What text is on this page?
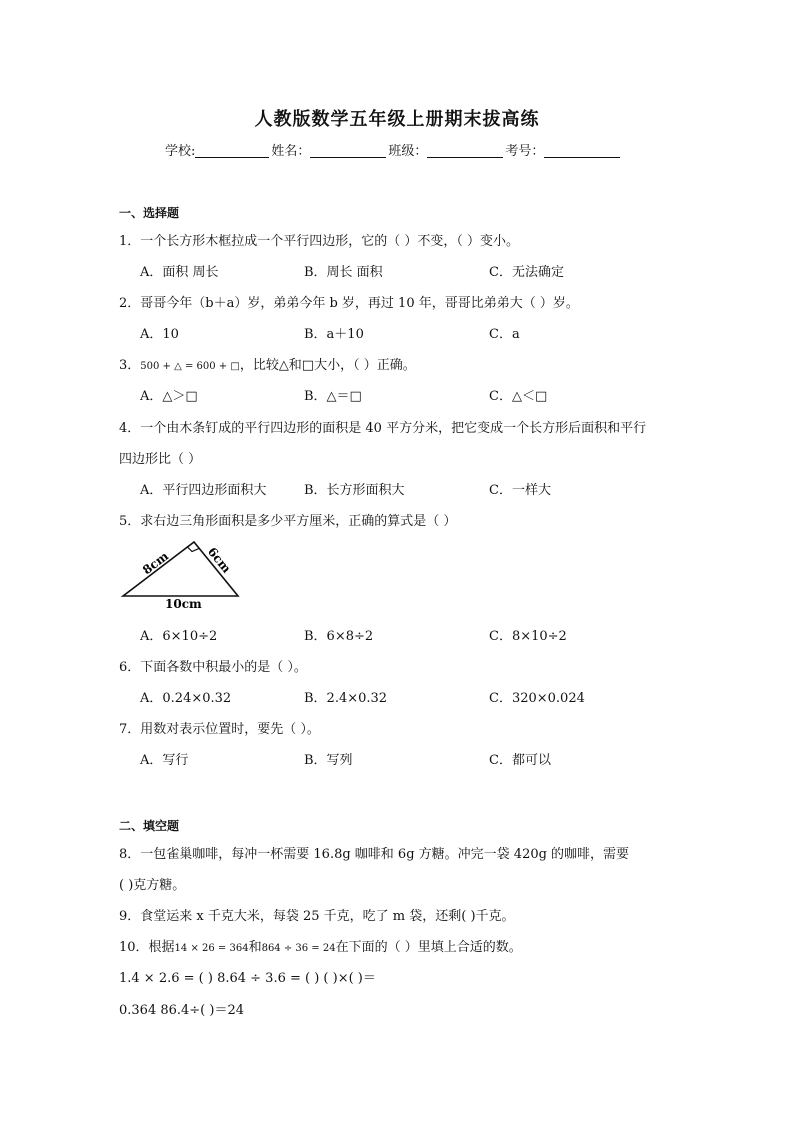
人教版数学五年级上册期末拔高练
学校:	姓名：	班级：	考号：
一、选择题
1．一个长方形木框拉成一个平行四边形，它的（ ）不变，（ ）变小。
A．面积 周长	B．周长 面积	C．无法确定
2．哥哥今年（b＋a）岁，弟弟今年 b 岁，再过 10 年，哥哥比弟弟大（ ）岁。
A．10	B．a＋10	C．a
3．500 + △ = 600 + □，比较△和□大小，（ ）正确。
A．△＞□	B．△＝□	C．△＜□
4．一个由木条钉成的平行四边形的面积是 40 平方分米，把它变成一个长方形后面积和平行
四边形比（ ）
A．平行四边形面积大	B．长方形面积大	C．一样大
5．求右边三角形面积是多少平方厘米，正确的算式是（ ）
8cm	6cm
10cm
A．6×10÷2	B．6×8÷2	C．8×10÷2
6．下面各数中积最小的是（ ）。
A．0.24×0.32	B．2.4×0.32	C．320×0.024
7．用数对表示位置时，要先（ ）。
A．写行	B．写列	C．都可以
二、填空题
8．一包雀巢咖啡，每冲一杯需要 16.8g 咖啡和 6g 方糖。冲完一袋 420g 的咖啡，需要
( )克方糖。
9．食堂运来 x 千克大米，每袋 25 千克，吃了 m 袋，还剩( )千克。
10．根据14 × 26 = 364和864 ÷ 36 = 24在下面的（ ）里填上合适的数。
1.4 × 2.6 = ( ) 8.64 ÷ 3.6 = ( ) ( )×( )＝
0.364 86.4÷( )＝24
